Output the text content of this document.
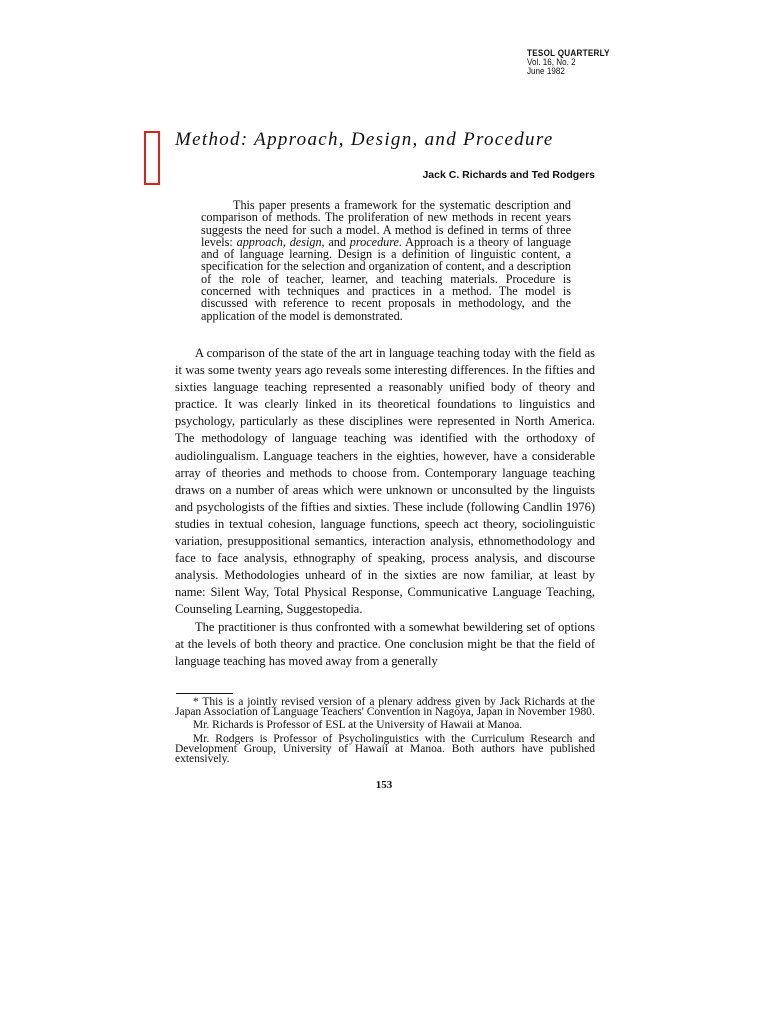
TESOL QUARTERLY
Vol. 16, No. 2
June 1982
Method: Approach, Design, and Procedure
Jack C. Richards and Ted Rodgers

This paper presents a framework for the systematic description and comparison of methods. The proliferation of new methods in recent years suggests the need for such a model. A method is defined in terms of three levels: approach, design, and procedure. Approach is a theory of language and of language learning. Design is a definition of linguistic content, a specification for the selection and organization of content, and a description of the role of teacher, learner, and teaching materials. Procedure is concerned with techniques and practices in a method. The model is discussed with reference to recent proposals in methodology, and the application of the model is demonstrated.

A comparison of the state of the art in language teaching today with the field as it was some twenty years ago reveals some interesting differences. In the fifties and sixties language teaching represented a reasonably unified body of theory and practice. It was clearly linked in its theoretical foundations to linguistics and psychology, particularly as these disciplines were represented in North America. The methodology of language teaching was identified with the orthodoxy of audiolingualism. Language teachers in the eighties, however, have a considerable array of theories and methods to choose from. Contemporary language teaching draws on a number of areas which were unknown or unconsulted by the linguists and psychologists of the fifties and sixties. These include (following Candlin 1976) studies in textual cohesion, language functions, speech act theory, sociolinguistic variation, presuppositional semantics, interaction analysis, ethnomethodology and face to face analysis, ethnography of speaking, process analysis, and discourse analysis. Methodologies unheard of in the sixties are now familiar, at least by name: Silent Way, Total Physical Response, Communicative Language Teaching, Counseling Learning, Suggestopedia.

The practitioner is thus confronted with a somewhat bewildering set of options at the levels of both theory and practice. One conclusion might be that the field of language teaching has moved away from a generally

* This is a jointly revised version of a plenary address given by Jack Richards at the Japan Association of Language Teachers' Convention in Nagoya, Japan in November 1980.

Mr. Richards is Professor of ESL at the University of Hawaii at Manoa.

Mr. Rodgers is Professor of Psycholinguistics with the Curriculum Research and Development Group, University of Hawaii at Manoa. Both authors have published extensively.

153
